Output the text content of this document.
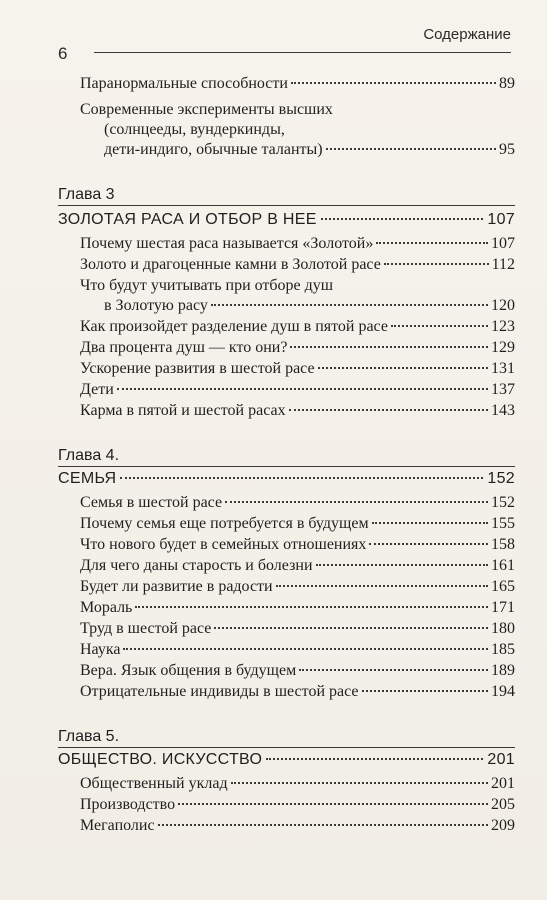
6
Содержание
Паранормальные способности	89
Современные эксперименты высших
(солнцееды, вундеркинды,
дети-индиго, обычные таланты)	95
Глава 3
ЗОЛОТАЯ РАСА И ОТБОР В НЕЕ	107
Почему шестая раса называется «Золотой»	107
Золото и драгоценные камни в Золотой расе	112
Что будут учитывать при отборе душ
в Золотую расу	120
Как произойдет разделение душ в пятой расе	123
Два процента душ — кто они?	129
Ускорение развития в шестой расе	131
Дети	137
Карма в пятой и шестой расах	143
Глава 4.
СЕМЬЯ	152
Семья в шестой расе	152
Почему семья еще потребуется в будущем	155
Что нового будет в семейных отношениях	158
Для чего даны старость и болезни	161
Будет ли развитие в радости	165
Мораль	171
Труд в шестой расе	180
Наука	185
Вера. Язык общения в будущем	189
Отрицательные индивиды в шестой расе	194
Глава 5.
ОБЩЕСТВО. ИСКУССТВО	201
Общественный уклад	201
Производство	205
Мегаполис	209
